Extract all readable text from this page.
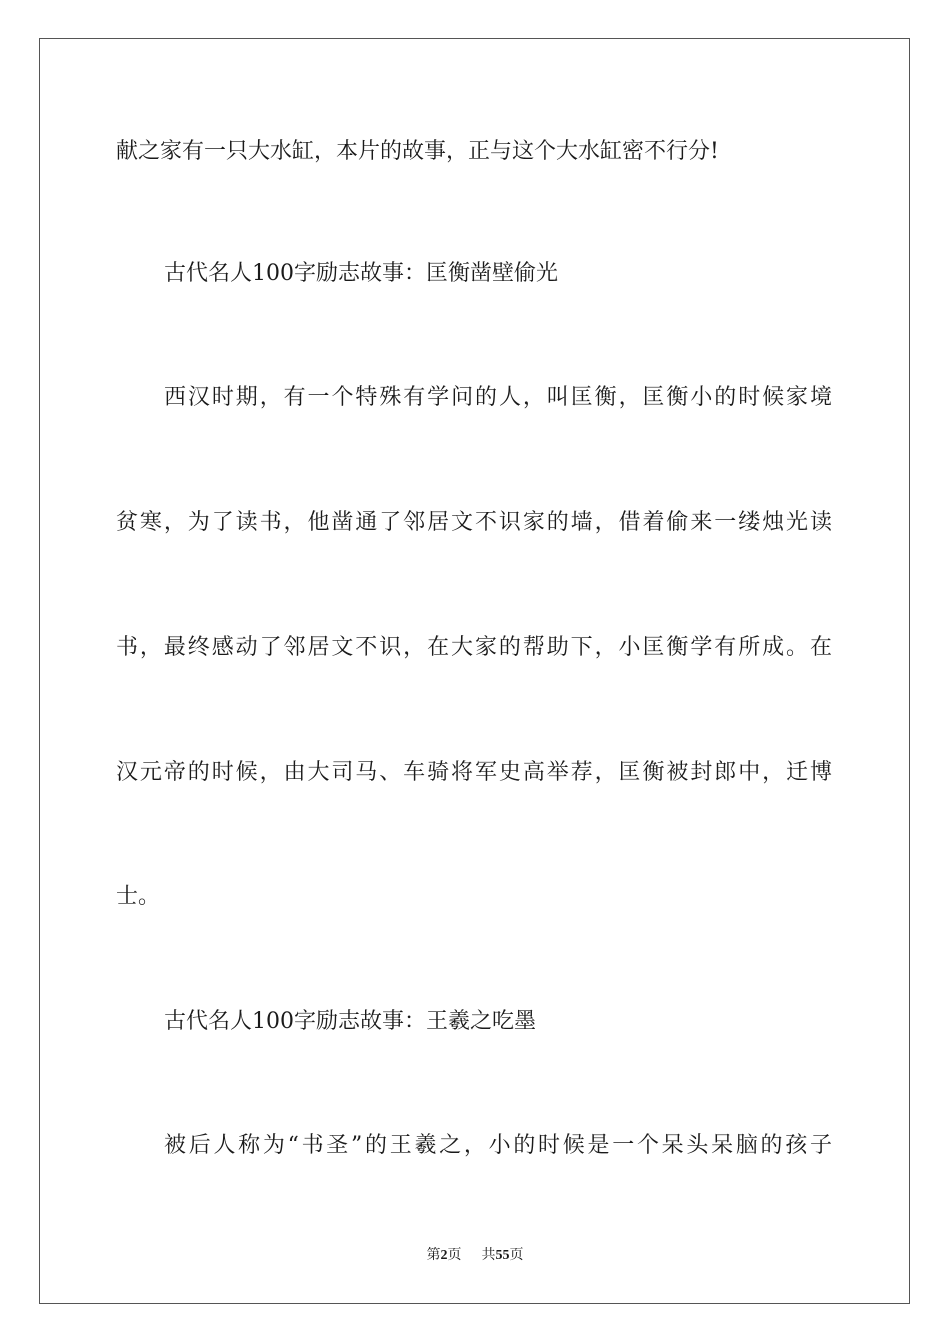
献之家有一只大水缸，本片的故事，正与这个大水缸密不行分!
古代名人100字励志故事：匡衡凿壁偷光
西汉时期，有一个特殊有学问的人，叫匡衡，匡衡小的时候家境
贫寒，为了读书，他凿通了邻居文不识家的墙，借着偷来一缕烛光读
书，最终感动了邻居文不识，在大家的帮助下，小匡衡学有所成。在
汉元帝的时候，由大司马、车骑将军史高举荐，匡衡被封郎中，迁博
士。
古代名人100字励志故事：王羲之吃墨
被后人称为“书圣”的王羲之，小的时候是一个呆头呆脑的孩子
第2页 共55页
